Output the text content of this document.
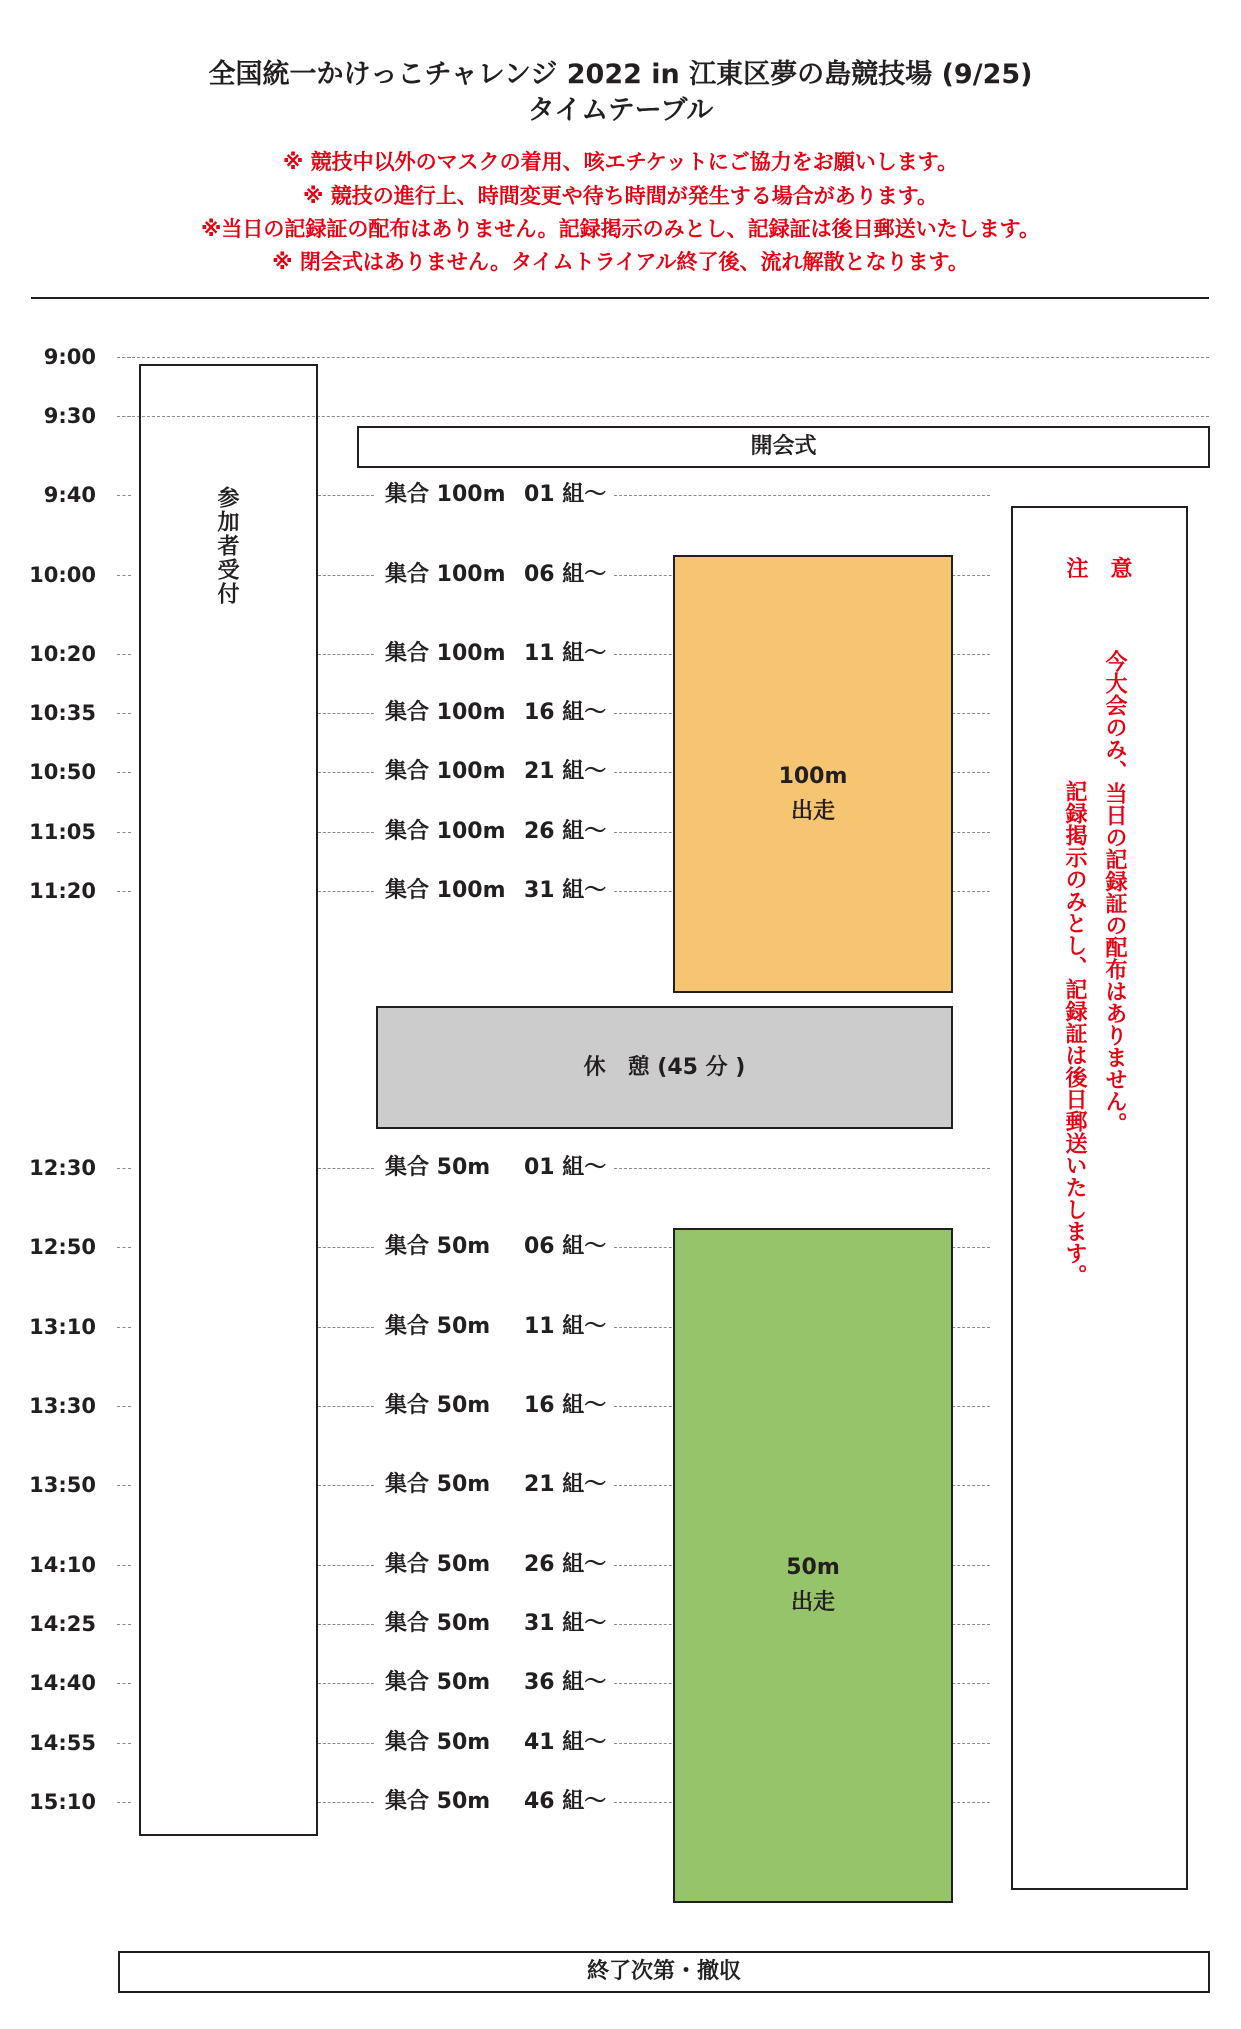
全国統一かけっこチャレンジ 2022 in 江東区夢の島競技場 (9/25)
タイムテーブル
※ 競技中以外のマスクの着用、咳エチケットにご協力をお願いします。
※ 競技の進行上、時間変更や待ち時間が発生する場合があります。
※当日の記録証の配布はありません。記録掲示のみとし、記録証は後日郵送いたします。
※ 閉会式はありません。タイムトライアル終了後、流れ解散となります。
9:00
9:30
9:40
10:00
10:20
10:35
10:50
11:05
11:20
12:30
12:50
13:10
13:30
13:50
14:10
14:25
14:40
14:55
15:10
参加者受付
開会式
集合 100m 01 組〜
集合 100m 06 組〜
集合 100m 11 組〜
集合 100m 16 組〜
集合 100m 21 組〜
集合 100m 26 組〜
集合 100m 31 組〜
集合 50m 01 組〜
集合 50m 06 組〜
集合 50m 11 組〜
集合 50m 16 組〜
集合 50m 21 組〜
集合 50m 26 組〜
集合 50m 31 組〜
集合 50m 36 組〜
集合 50m 41 組〜
集合 50m 46 組〜
100m
出走
休　憩 (45 分 )
50m
出走
注　意
今大会のみ、当日の記録証の配布はありません。
記録掲示のみとし、記録証は後日郵送いたします。
終了次第・撤収
